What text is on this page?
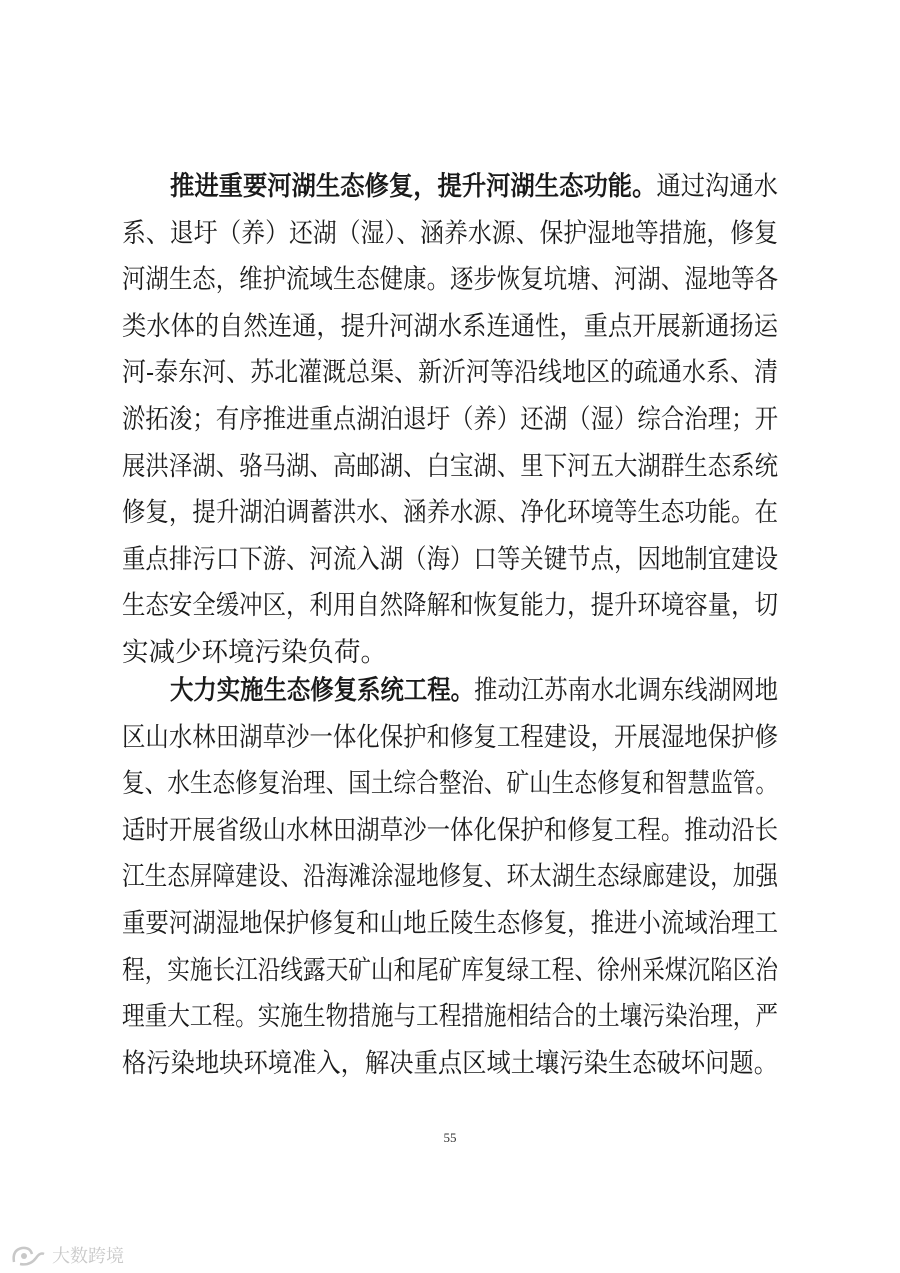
推进重要河湖生态修复，提升河湖生态功能。通过沟通水
系、退圩（养）还湖（湿）、涵养水源、保护湿地等措施，修复
河湖生态，维护流域生态健康。逐步恢复坑塘、河湖、湿地等各
类水体的自然连通，提升河湖水系连通性，重点开展新通扬运
河-泰东河、苏北灌溉总渠、新沂河等沿线地区的疏通水系、清
淤拓浚；有序推进重点湖泊退圩（养）还湖（湿）综合治理；开
展洪泽湖、骆马湖、高邮湖、白宝湖、里下河五大湖群生态系统
修复，提升湖泊调蓄洪水、涵养水源、净化环境等生态功能。在
重点排污口下游、河流入湖（海）口等关键节点，因地制宜建设
生态安全缓冲区，利用自然降解和恢复能力，提升环境容量，切
实减少环境污染负荷。
大力实施生态修复系统工程。推动江苏南水北调东线湖网地
区山水林田湖草沙一体化保护和修复工程建设，开展湿地保护修
复、水生态修复治理、国土综合整治、矿山生态修复和智慧监管。
适时开展省级山水林田湖草沙一体化保护和修复工程。推动沿长
江生态屏障建设、沿海滩涂湿地修复、环太湖生态绿廊建设，加强
重要河湖湿地保护修复和山地丘陵生态修复，推进小流域治理工
程，实施长江沿线露天矿山和尾矿库复绿工程、徐州采煤沉陷区治
理重大工程。实施生物措施与工程措施相结合的土壤污染治理，严
格污染地块环境准入，解决重点区域土壤污染生态破坏问题。
55
大数跨境
